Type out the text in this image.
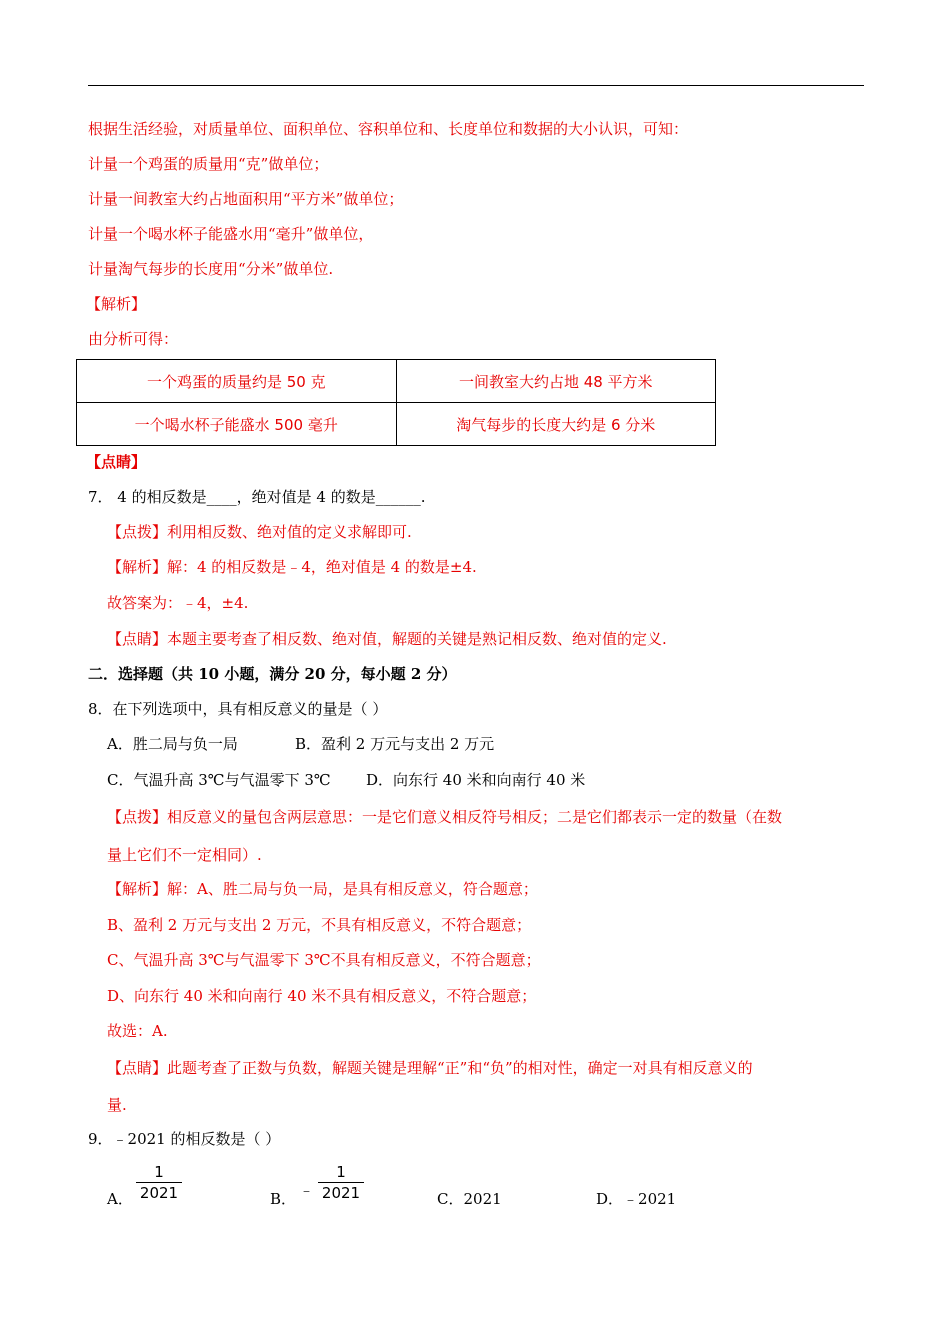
根据生活经验，对质量单位、面积单位、容积单位和、长度单位和数据的大小认识，可知：
计量一个鸡蛋的质量用“克”做单位；
计量一间教室大约占地面积用“平方米”做单位；
计量一个喝水杯子能盛水用“毫升”做单位，
计量淘气每步的长度用“分米”做单位.
【解析】
由分析可得：
一个鸡蛋的质量约是 50 克	一间教室大约占地 48 平方米
一个喝水杯子能盛水 500 毫升	淘气每步的长度大约是 6 分米
【点睛】
7． 4 的相反数是____，绝对值是 4 的数是______.
【点拨】利用相反数、绝对值的定义求解即可.
【解析】解：4 的相反数是﹣4，绝对值是 4 的数是±4.
故答案为：﹣4，±4.
【点睛】本题主要考查了相反数、绝对值，解题的关键是熟记相反数、绝对值的定义.
二．选择题（共 10 小题，满分 20 分，每小题 2 分）
8．在下列选项中，具有相反意义的量是（ ）
A．胜二局与负一局	B．盈利 2 万元与支出 2 万元
C．气温升高 3℃与气温零下 3℃ D．向东行 40 米和向南行 40 米
【点拨】相反意义的量包含两层意思：一是它们意义相反符号相反；二是它们都表示一定的数量（在数
量上它们不一定相同）.
【解析】解：A、胜二局与负一局，是具有相反意义，符合题意；
B、盈利 2 万元与支出 2 万元，不具有相反意义，不符合题意；
C、气温升高 3℃与气温零下 3℃不具有相反意义，不符合题意；
D、向东行 40 米和向南行 40 米不具有相反意义，不符合题意；
故选：A.
【点睛】此题考查了正数与负数，解题关键是理解“正”和“负”的相对性，确定一对具有相反意义的
量.
9．﹣2021 的相反数是（ ）
A．
1
2021	B． ﹣
1
2021	C．2021	D．﹣2021
